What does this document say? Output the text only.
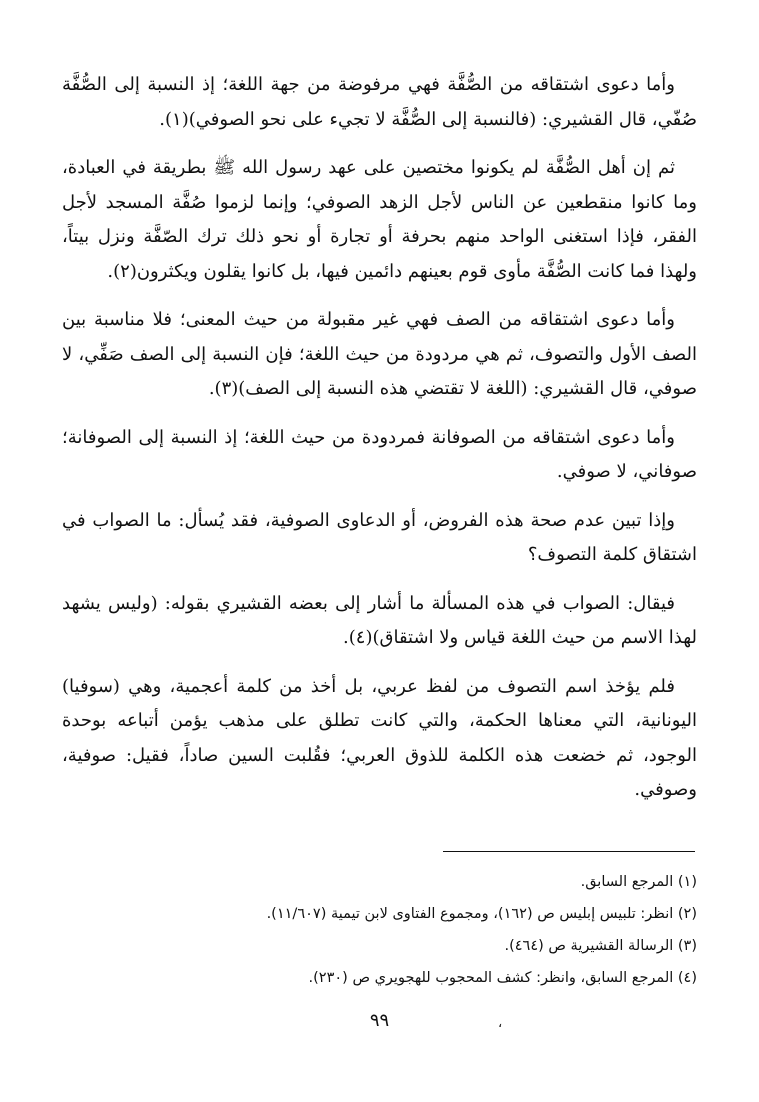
وأما دعوى اشتقاقه من الصُّفَّة فهي مرفوضة من جهة اللغة؛ إذ النسبة إلى الصُّفَّة صُفّي، قال القشيري: (فالنسبة إلى الصُّفَّة لا تجيء على نحو الصوفي)(١).

ثم إن أهل الصُّفَّة لم يكونوا مختصين على عهد رسول الله ﷺ بطريقة في العبادة، وما كانوا منقطعين عن الناس لأجل الزهد الصوفي؛ وإنما لزموا صُفَّة المسجد لأجل الفقر، فإذا استغنى الواحد منهم بحرفة أو تجارة أو نحو ذلك ترك الصّفَّة ونزل بيتاً، ولهذا فما كانت الصُّفَّة مأوى قوم بعينهم دائمين فيها، بل كانوا يقلون ويكثرون(٢).

وأما دعوى اشتقاقه من الصف فهي غير مقبولة من حيث المعنى؛ فلا مناسبة بين الصف الأول والتصوف، ثم هي مردودة من حيث اللغة؛ فإن النسبة إلى الصف صَفِّي، لا صوفي، قال القشيري: (اللغة لا تقتضي هذه النسبة إلى الصف)(٣).

وأما دعوى اشتقاقه من الصوفانة فمردودة من حيث اللغة؛ إذ النسبة إلى الصوفانة؛ صوفاني، لا صوفي.

وإذا تبين عدم صحة هذه الفروض، أو الدعاوى الصوفية، فقد يُسأل: ما الصواب في اشتقاق كلمة التصوف؟

فيقال: الصواب في هذه المسألة ما أشار إلى بعضه القشيري بقوله: (وليس يشهد لهذا الاسم من حيث اللغة قياس ولا اشتقاق)(٤).

فلم يؤخذ اسم التصوف من لفظ عربي، بل أخذ من كلمة أعجمية، وهي (سوفيا) اليونانية، التي معناها الحكمة، والتي كانت تطلق على مذهب يؤمن أتباعه بوحدة الوجود، ثم خضعت هذه الكلمة للذوق العربي؛ فقُلبت السين صاداً، فقيل: صوفية، وصوفي.

(١) المرجع السابق.

(٢) انظر: تلبيس إبليس ص (١٦٢)، ومجموع الفتاوى لابن تيمية (١١/٦٠٧).

(٣) الرسالة القشيرية ص (٤٦٤).

(٤) المرجع السابق، وانظر: كشف المحجوب للهجويري ص (٢٣٠).

،
٩٩
